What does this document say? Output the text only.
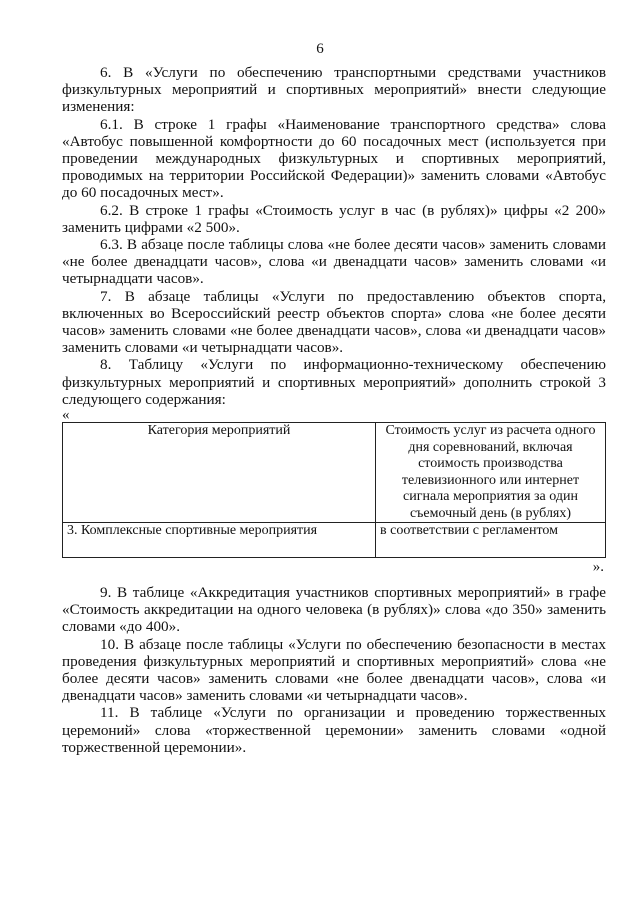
6

6. В «Услуги по обеспечению транспортными средствами участников физкультурных мероприятий и спортивных мероприятий» внести следующие изменения:

6.1. В строке 1 графы «Наименование транспортного средства» слова «Автобус повышенной комфортности до 60 посадочных мест (используется при проведении международных физкультурных и спортивных мероприятий, проводимых на территории Российской Федерации)» заменить словами «Автобус до 60 посадочных мест».

6.2. В строке 1 графы «Стоимость услуг в час (в рублях)» цифры «2 200» заменить цифрами «2 500».

6.3. В абзаце после таблицы слова «не более десяти часов» заменить словами «не более двенадцати часов», слова «и двенадцати часов» заменить словами «и четырнадцати часов».

7. В абзаце таблицы «Услуги по предоставлению объектов спорта, включенных во Всероссийский реестр объектов спорта» слова «не более десяти часов» заменить словами «не более двенадцати часов», слова «и двенадцати часов» заменить словами «и четырнадцати часов».

8. Таблицу «Услуги по информационно-техническому обеспечению физкультурных мероприятий и спортивных мероприятий» дополнить строкой 3 следующего содержания:

«

Категория мероприятий	Стоимость услуг из расчета одного дня соревнований, включая стоимость производства телевизионного или интернет сигнала мероприятия за один съемочный день (в рублях)
3. Комплексные спортивные мероприятия	в соответствии с регламентом

».

9. В таблице «Аккредитация участников спортивных мероприятий» в графе «Стоимость аккредитации на одного человека (в рублях)» слова «до 350» заменить словами «до 400».

10. В абзаце после таблицы «Услуги по обеспечению безопасности в местах проведения физкультурных мероприятий и спортивных мероприятий» слова «не более десяти часов» заменить словами «не более двенадцати часов», слова «и двенадцати часов» заменить словами «и четырнадцати часов».

11. В таблице «Услуги по организации и проведению торжественных церемоний» слова «торжественной церемонии» заменить словами «одной торжественной церемонии».
